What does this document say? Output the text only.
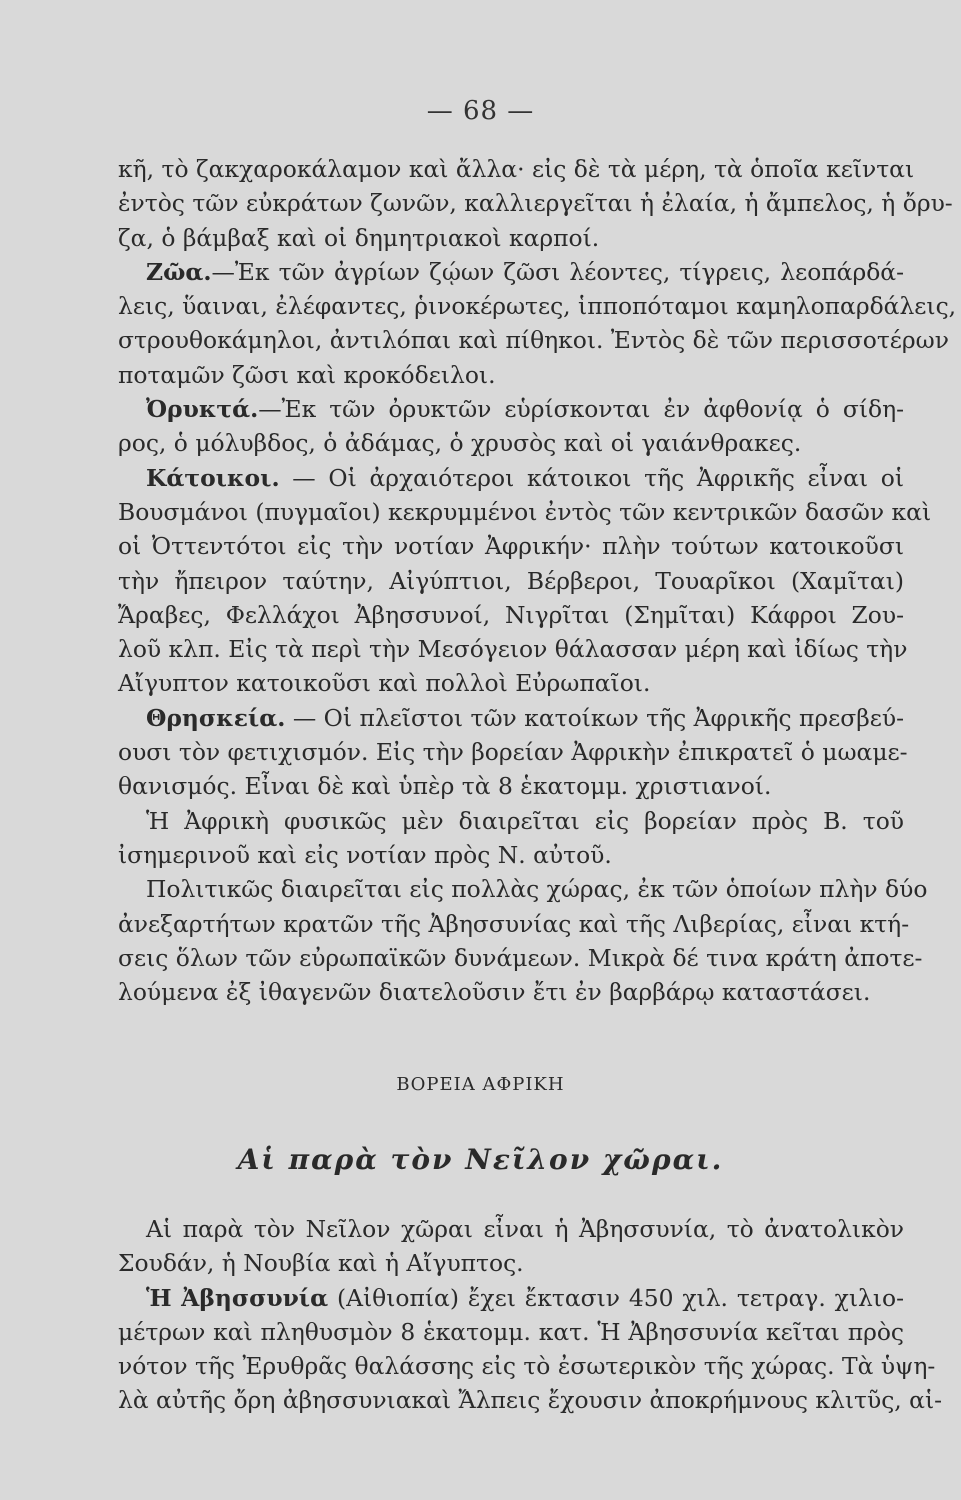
— 68 —
κῆ, τὸ ζακχαροκάλαμον καὶ ἄλλα· εἰς δὲ τὰ μέρη, τὰ ὁποῖα κεῖνται
ἐντὸς τῶν εὐκράτων ζωνῶν, καλλιεργεῖται ἡ ἐλαία, ἡ ἄμπελος, ἡ ὄρυ-
ζα, ὁ βάμβαξ καὶ οἱ δημητριακοὶ καρποί.
Ζῶα.—Ἐκ τῶν ἀγρίων ζῴων ζῶσι λέοντες, τίγρεις, λεοπάρδά-
λεις, ὕαιναι, ἐλέφαντες, ῥινοκέρωτες, ἱπποπόταμοι καμηλοπαρδάλεις,
στρουθοκάμηλοι, ἀντιλόπαι καὶ πίθηκοι. Ἐντὸς δὲ τῶν περισσοτέρων
ποταμῶν ζῶσι καὶ κροκόδειλοι.
Ὀρυκτά.—Ἐκ τῶν ὀρυκτῶν εὑρίσκονται ἐν ἀφθονίᾳ ὁ σίδη-
ρος, ὁ μόλυβδος, ὁ ἀδάμας, ὁ χρυσὸς καὶ οἱ γαιάνθρακες.
Κάτοικοι. — Οἱ ἀρχαιότεροι κάτοικοι τῆς Ἀφρικῆς εἶναι οἱ
Βουσμάνοι (πυγμαῖοι) κεκρυμμένοι ἐντὸς τῶν κεντρικῶν δασῶν καὶ
οἱ Ὀττεντότοι εἰς τὴν νοτίαν Ἀφρικήν· πλὴν τούτων κατοικοῦσι
τὴν ἤπειρον ταύτην, Αἰγύπτιοι, Βέρβεροι, Τουαρῖκοι (Χαμῖται)
Ἄραβες, Φελλάχοι Ἀβησσυνοί, Νιγρῖται (Σημῖται) Κάφροι Ζου-
λοῦ κλπ. Εἰς τὰ περὶ τὴν Μεσόγειον θάλασσαν μέρη καὶ ἰδίως τὴν
Αἴγυπτον κατοικοῦσι καὶ πολλοὶ Εὐρωπαῖοι.
Θρησκεία. — Οἱ πλεῖστοι τῶν κατοίκων τῆς Ἀφρικῆς πρεσβεύ-
ουσι τὸν φετιχισμόν. Εἰς τὴν βορείαν Ἀφρικὴν ἐπικρατεῖ ὁ μωαμε-
θανισμός. Εἶναι δὲ καὶ ὑπὲρ τὰ 8 ἑκατομμ. χριστιανοί.
Ἡ Ἀφρικὴ φυσικῶς μὲν διαιρεῖται εἰς βορείαν πρὸς Β. τοῦ
ἰσημερινοῦ καὶ εἰς νοτίαν πρὸς Ν. αὐτοῦ.
Πολιτικῶς διαιρεῖται εἰς πολλὰς χώρας, ἐκ τῶν ὁποίων πλὴν δύο
ἀνεξαρτήτων κρατῶν τῆς Ἀβησσυνίας καὶ τῆς Λιβερίας, εἶναι κτή-
σεις ὅλων τῶν εὐρωπαϊκῶν δυνάμεων. Μικρὰ δέ τινα κράτη ἀποτε-
λούμενα ἐξ ἰθαγενῶν διατελοῦσιν ἔτι ἐν βαρβάρῳ καταστάσει.
ΒΟΡΕΙΑ ΑΦΡΙΚΗ
Αἱ παρὰ τὸν Νεῖλον χῶραι.
Αἱ παρὰ τὸν Νεῖλον χῶραι εἶναι ἡ Ἀβησσυνία, τὸ ἀνατολικὸν
Σουδάν, ἡ Νουβία καὶ ἡ Αἴγυπτος.
Ἡ Ἀβησσυνία (Αἰθιοπία) ἔχει ἔκτασιν 450 χιλ. τετραγ. χιλιο-
μέτρων καὶ πληθυσμὸν 8 ἑκατομμ. κατ. Ἡ Ἀβησσυνία κεῖται πρὸς
νότον τῆς Ἐρυθρᾶς θαλάσσης εἰς τὸ ἐσωτερικὸν τῆς χώρας. Τὰ ὑψη-
λὰ αὐτῆς ὄρη ἀβησσυνιακαὶ Ἄλπεις ἔχουσιν ἀποκρήμνους κλιτῦς, αἱ-
